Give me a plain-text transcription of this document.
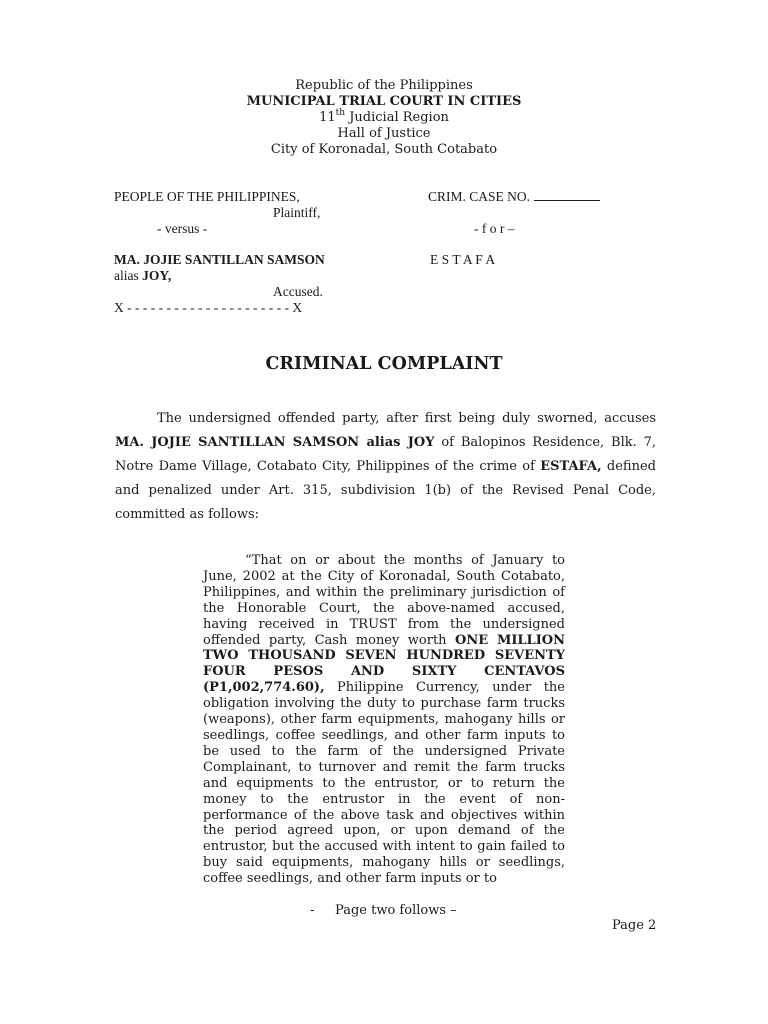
Republic of the Philippines
MUNICIPAL TRIAL COURT IN CITIES
11th Judicial Region
Hall of Justice
City of Koronadal, South Cotabato
PEOPLE OF THE PHILIPPINES,
Plaintiff,
- versus -
MA. JOJIE SANTILLAN SAMSON
alias JOY,
Accused.
X - - - - - - - - - - - - - - - - - - - - - X
CRIM. CASE NO.
- f o r –
E S T A F A
CRIMINAL COMPLAINT
The undersigned offended party, after first being duly sworned, accuses MA. JOJIE SANTILLAN SAMSON alias JOY of Balopinos Residence, Blk. 7, Notre Dame Village, Cotabato City, Philippines of the crime of ESTAFA, defined and penalized under Art. 315, subdivision 1(b) of the Revised Penal Code, committed as follows:
“That on or about the months of January to June, 2002 at the City of Koronadal, South Cotabato, Philippines, and within the preliminary jurisdiction of the Honorable Court, the above-named accused, having received in TRUST from the undersigned offended party, Cash money worth ONE MILLION TWO THOUSAND SEVEN HUNDRED SEVENTY FOUR PESOS AND SIXTY CENTAVOS (P1,002,774.60), Philippine Currency, under the obligation involving the duty to purchase farm trucks (weapons), other farm equipments, mahogany hills or seedlings, coffee seedlings, and other farm inputs to be used to the farm of the undersigned Private Complainant, to turnover and remit the farm trucks and equipments to the entrustor, or to return the money to the entrustor in the event of non-performance of the above task and objectives within the period agreed upon, or upon demand of the entrustor, but the accused with intent to gain failed to buy said equipments, mahogany hills or seedlings, coffee seedlings, and other farm inputs or to
-     Page two follows –
Page 2
